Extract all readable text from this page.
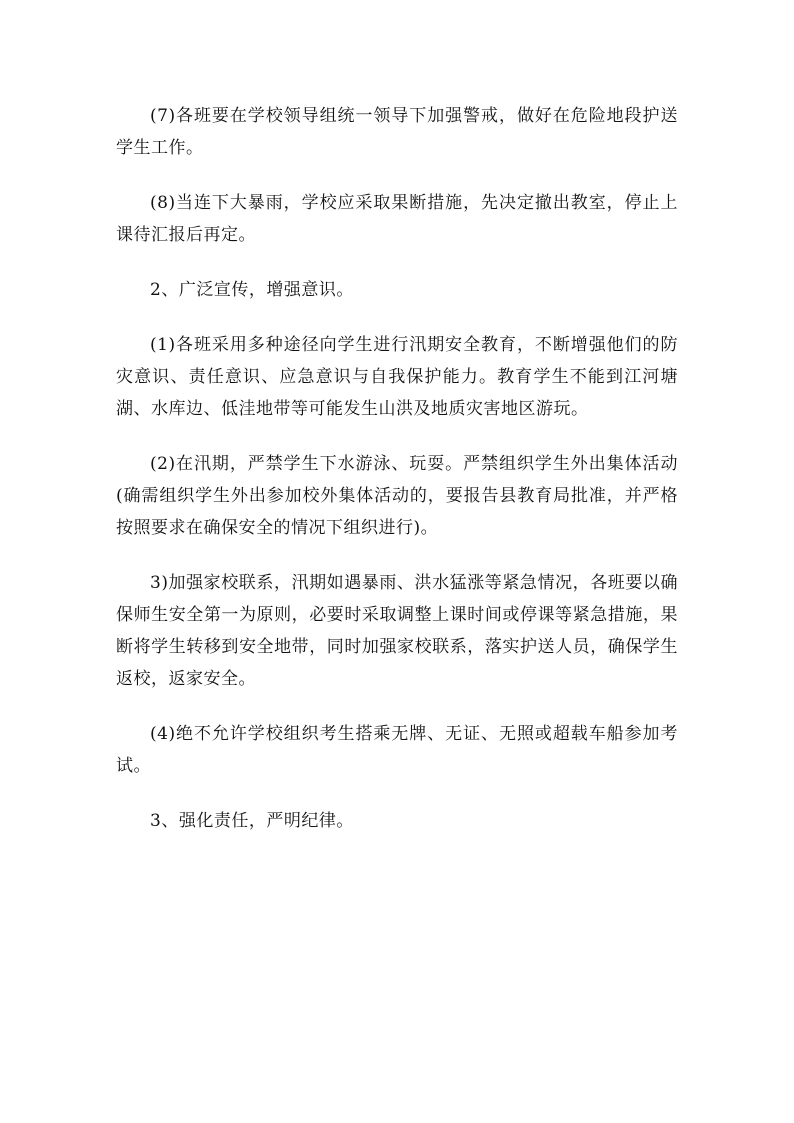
(7)各班要在学校领导组统一领导下加强警戒，做好在危险地段护送学生工作。

(8)当连下大暴雨，学校应采取果断措施，先决定撤出教室，停止上课待汇报后再定。

2、广泛宣传，增强意识。

(1)各班采用多种途径向学生进行汛期安全教育，不断增强他们的防灾意识、责任意识、应急意识与自我保护能力。教育学生不能到江河塘湖、水库边、低洼地带等可能发生山洪及地质灾害地区游玩。

(2)在汛期，严禁学生下水游泳、玩耍。严禁组织学生外出集体活动(确需组织学生外出参加校外集体活动的，要报告县教育局批准，并严格按照要求在确保安全的情况下组织进行)。

3)加强家校联系，汛期如遇暴雨、洪水猛涨等紧急情况，各班要以确保师生安全第一为原则，必要时采取调整上课时间或停课等紧急措施，果断将学生转移到安全地带，同时加强家校联系，落实护送人员，确保学生返校，返家安全。

(4)绝不允许学校组织考生搭乘无牌、无证、无照或超载车船参加考试。

3、强化责任，严明纪律。
